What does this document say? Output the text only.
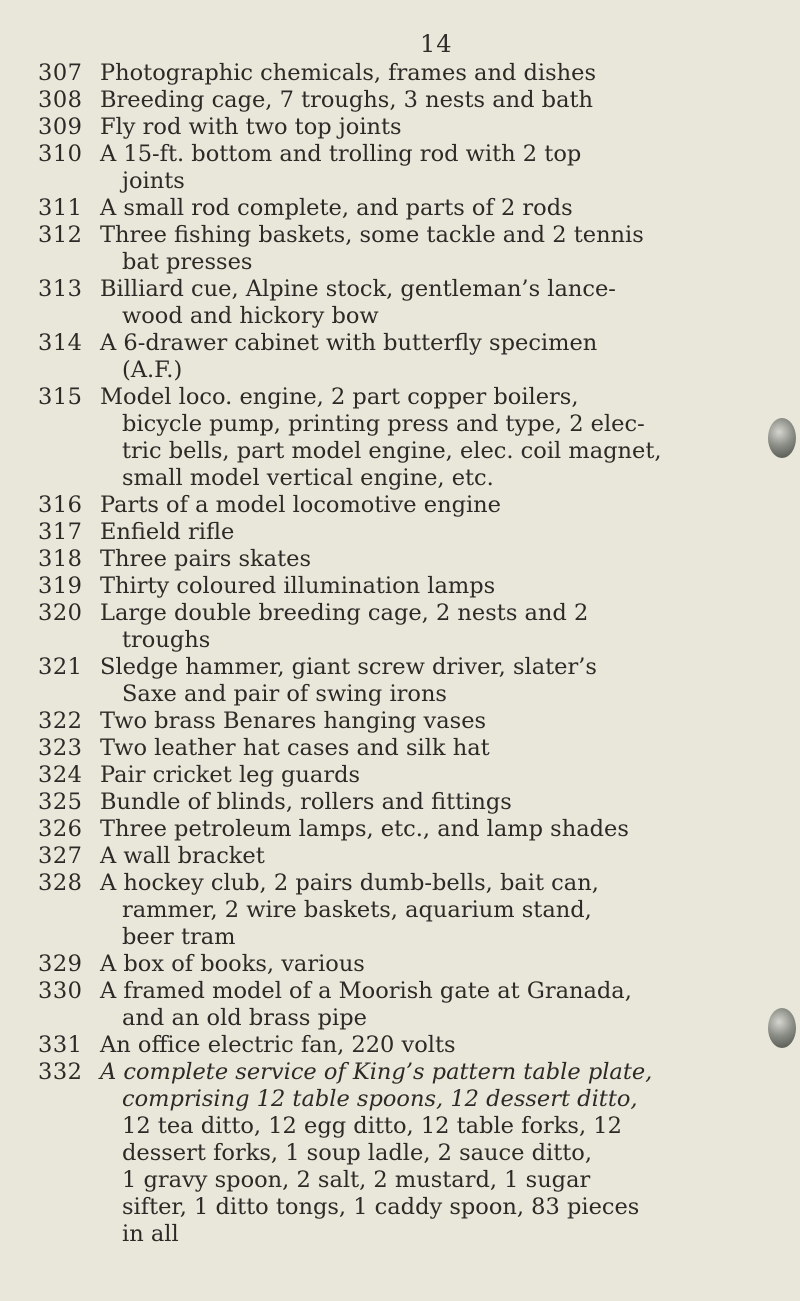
14
307 Photographic chemicals, frames and dishes
308 Breeding cage, 7 troughs, 3 nests and bath
309 Fly rod with two top joints
310 A 15-ft. bottom and trolling rod with 2 top
joints
311 A small rod complete, and parts of 2 rods
312 Three fishing baskets, some tackle and 2 tennis
bat presses
313 Billiard cue, Alpine stock, gentleman’s lance-
wood and hickory bow
314 A 6-drawer cabinet with butterfly specimen
(A.F.)
315 Model loco. engine, 2 part copper boilers,
bicycle pump, printing press and type, 2 elec-
tric bells, part model engine, elec. coil magnet,
small model vertical engine, etc.
316 Parts of a model locomotive engine
317 Enfield rifle
318 Three pairs skates
319 Thirty coloured illumination lamps
320 Large double breeding cage, 2 nests and 2
troughs
321 Sledge hammer, giant screw driver, slater’s
Saxe and pair of swing irons
322 Two brass Benares hanging vases
323 Two leather hat cases and silk hat
324 Pair cricket leg guards
325 Bundle of blinds, rollers and fittings
326 Three petroleum lamps, etc., and lamp shades
327 A wall bracket
328 A hockey club, 2 pairs dumb-bells, bait can,
rammer, 2 wire baskets, aquarium stand,
beer tram
329 A box of books, various
330 A framed model of a Moorish gate at Granada,
and an old brass pipe
331 An office electric fan, 220 volts
332 A complete service of King’s pattern table plate,
comprising 12 table spoons, 12 dessert ditto,
12 tea ditto, 12 egg ditto, 12 table forks, 12
dessert forks, 1 soup ladle, 2 sauce ditto,
1 gravy spoon, 2 salt, 2 mustard, 1 sugar
sifter, 1 ditto tongs, 1 caddy spoon, 83 pieces
in all
